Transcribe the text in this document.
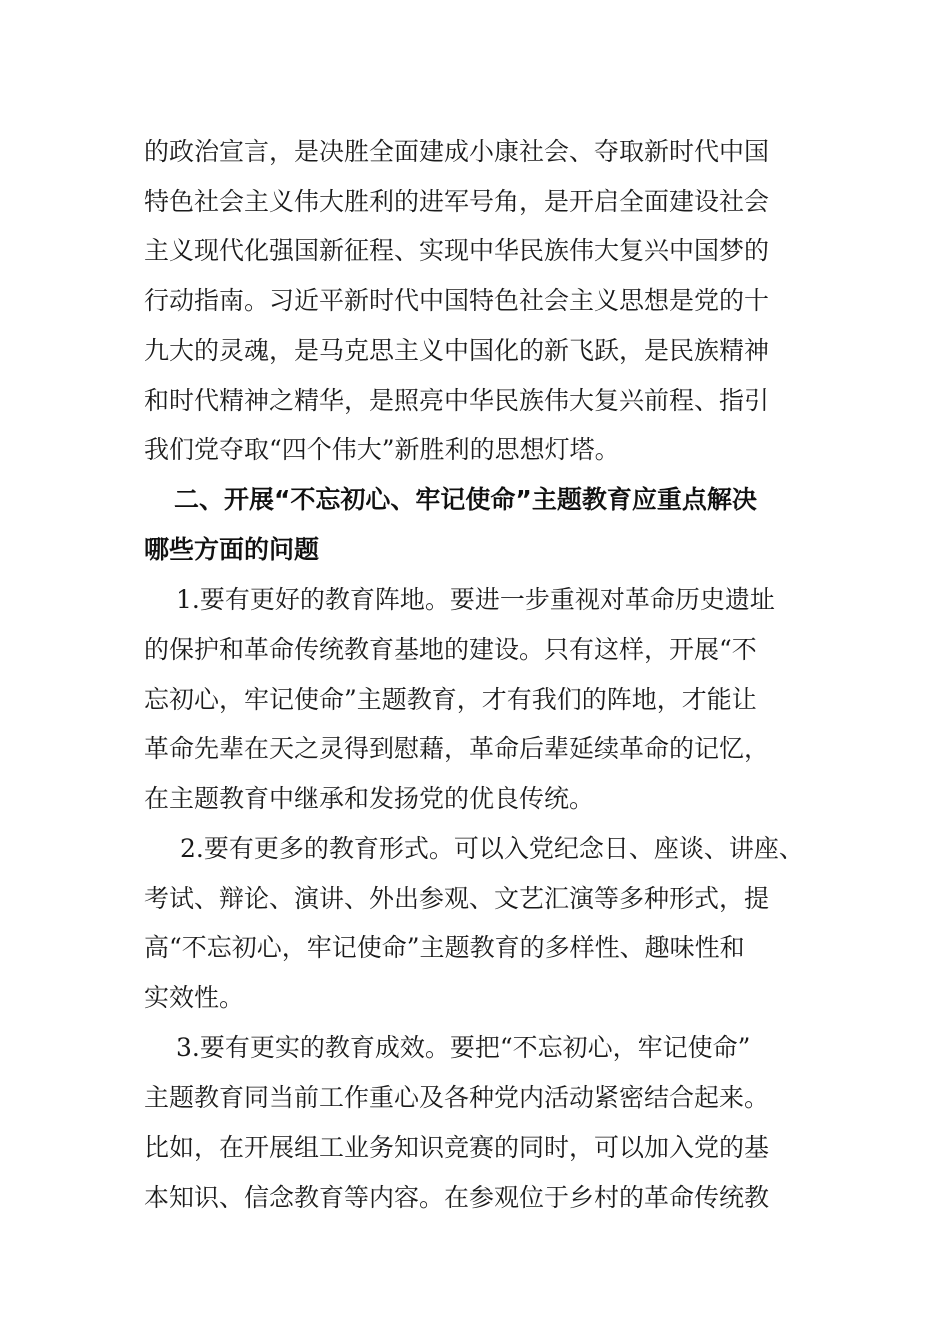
的政治宣言，是决胜全面建成小康社会、夺取新时代中国
特色社会主义伟大胜利的进军号角，是开启全面建设社会
主义现代化强国新征程、实现中华民族伟大复兴中国梦的
行动指南。习近平新时代中国特色社会主义思想是党的十
九大的灵魂，是马克思主义中国化的新飞跃，是民族精神
和时代精神之精华，是照亮中华民族伟大复兴前程、指引
我们党夺取“四个伟大”新胜利的思想灯塔。
二、开展“不忘初心、牢记使命”主题教育应重点解决
哪些方面的问题
1.要有更好的教育阵地。要进一步重视对革命历史遗址
的保护和革命传统教育基地的建设。只有这样，开展“不
忘初心，牢记使命”主题教育，才有我们的阵地，才能让
革命先辈在天之灵得到慰藉，革命后辈延续革命的记忆，
在主题教育中继承和发扬党的优良传统。
2.要有更多的教育形式。可以入党纪念日、座谈、讲座、
考试、辩论、演讲、外出参观、文艺汇演等多种形式，提
高“不忘初心，牢记使命”主题教育的多样性、趣味性和
实效性。
3.要有更实的教育成效。要把“不忘初心，牢记使命”
主题教育同当前工作重心及各种党内活动紧密结合起来。
比如，在开展组工业务知识竞赛的同时，可以加入党的基
本知识、信念教育等内容。在参观位于乡村的革命传统教
